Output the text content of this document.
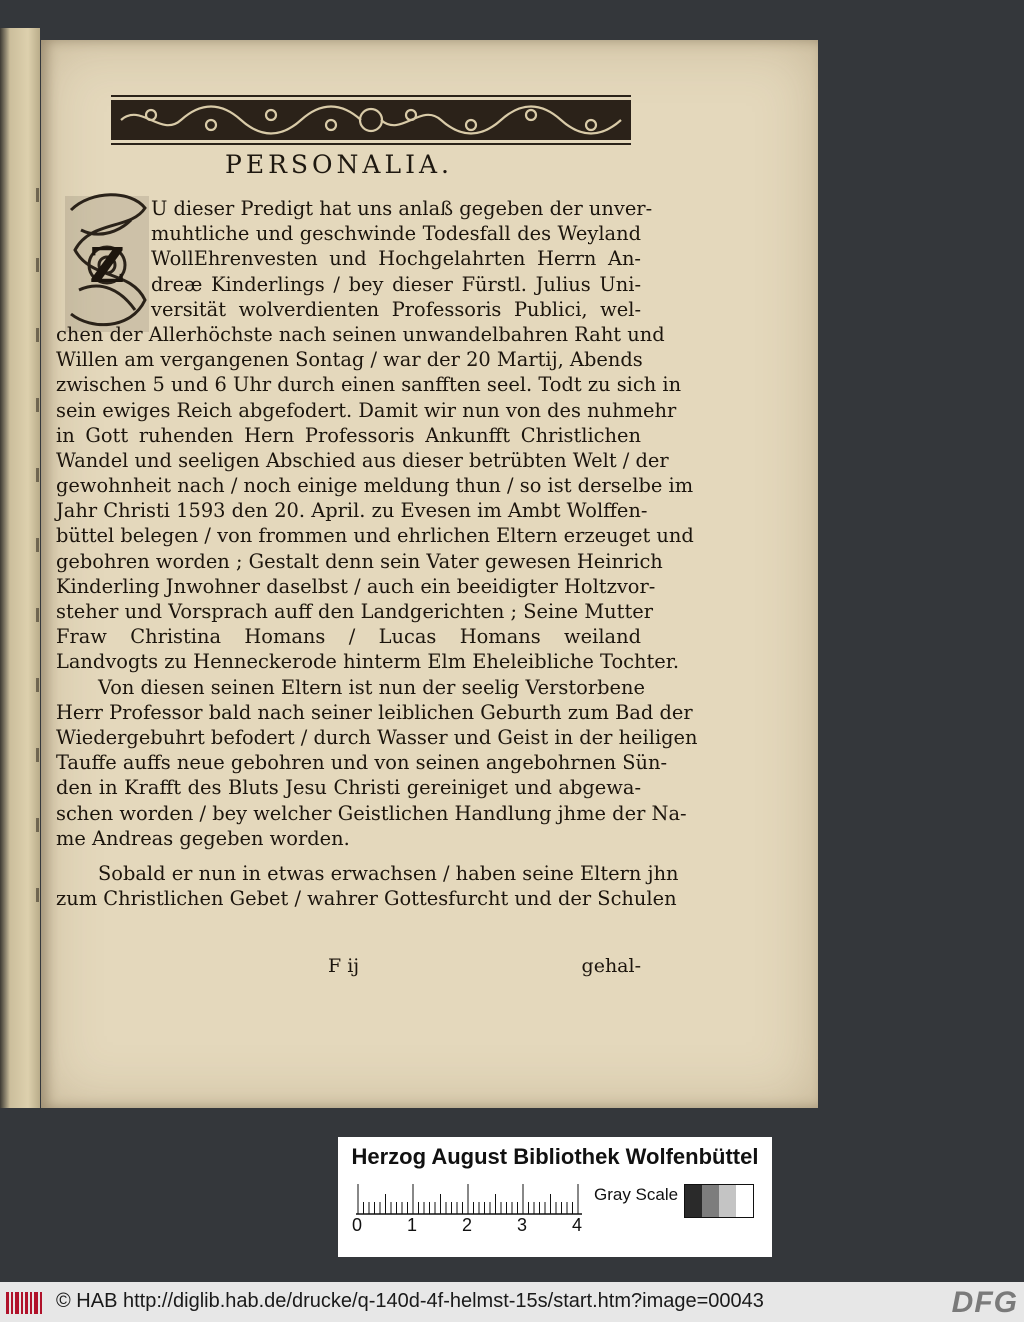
PERSONALIA.
Z
U dieser Predigt hat uns anlaß gegeben der unver-
muhtliche und geschwinde Todesfall des Weyland
WollEhrenvesten und Hochgelahrten Herrn An-
dreæ Kinderlings / bey dieser Fürstl. Julius Uni-
versität wolverdienten Professoris Publici, wel-
chen der Allerhöchste nach seinen unwandelbahren Raht und
Willen am vergangenen Sontag / war der 20 Martij, Abends
zwischen 5 und 6 Uhr durch einen sanfften seel. Todt zu sich in
sein ewiges Reich abgefodert. Damit wir nun von des nuhmehr
in Gott ruhenden Hern Professoris Ankunfft Christlichen
Wandel und seeligen Abschied aus dieser betrübten Welt / der
gewohnheit nach / noch einige meldung thun / so ist derselbe im
Jahr Christi 1593 den 20. April. zu Evesen im Ambt Wolffen-
büttel belegen / von frommen und ehrlichen Eltern erzeuget und
gebohren worden ; Gestalt denn sein Vater gewesen Heinrich
Kinderling Jnwohner daselbst / auch ein beeidigter Holtzvor-
steher und Vorsprach auff den Landgerichten ; Seine Mutter
Fraw Christina Homans / Lucas Homans weiland
Landvogts zu Henneckerode hinterm Elm Eheleibliche Tochter.
Von diesen seinen Eltern ist nun der seelig Verstorbene
Herr Professor bald nach seiner leiblichen Geburth zum Bad der
Wiedergebuhrt befodert / durch Wasser und Geist in der heiligen
Tauffe auffs neue gebohren und von seinen angebohrnen Sün-
den in Krafft des Bluts Jesu Christi gereiniget und abgewa-
schen worden / bey welcher Geistlichen Handlung jhme der Na-
me Andreas gegeben worden.
Sobald er nun in etwas erwachsen / haben seine Eltern jhn
zum Christlichen Gebet / wahrer Gottesfurcht und der Schulen
F ij	gehal-
Herzog August Bibliothek Wolfenbüttel
0 1 2 3 4
Gray Scale
© HAB http://diglib.hab.de/drucke/q-140d-4f-helmst-15s/start.htm?image=00043	DFG
